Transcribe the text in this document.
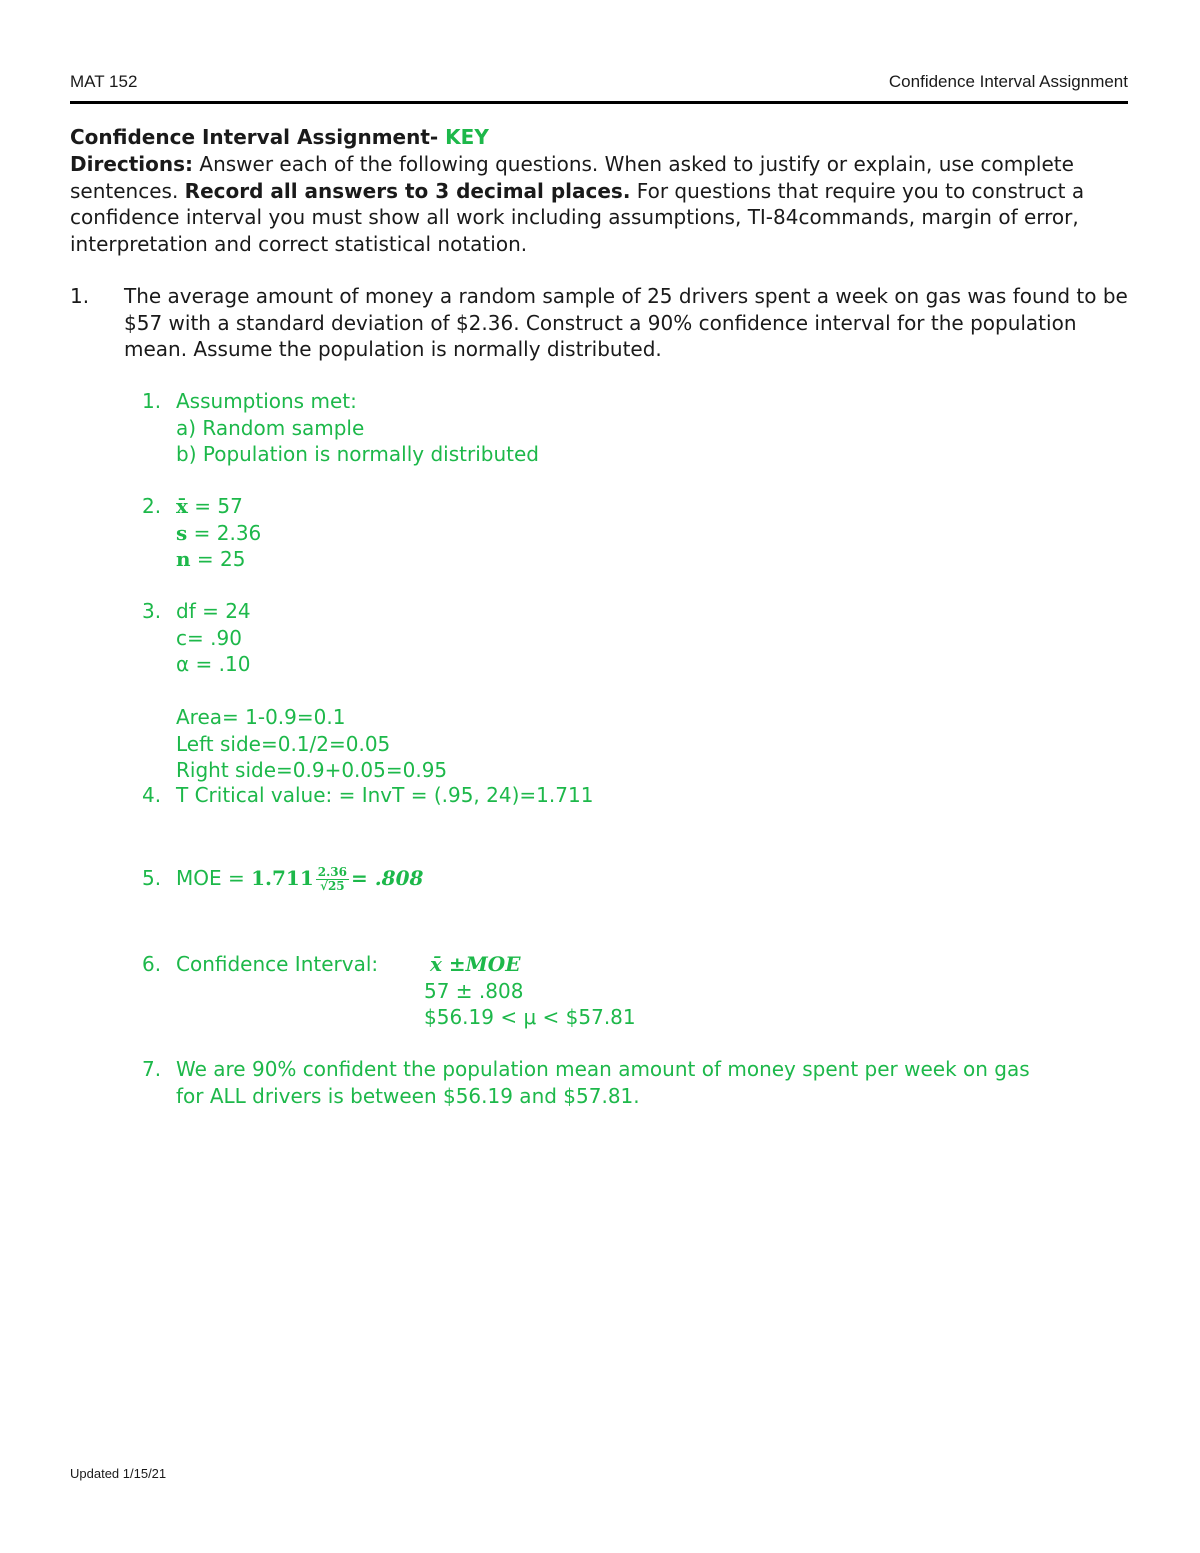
MAT 152	Confidence Interval Assignment
Confidence Interval Assignment- KEY
Directions: Answer each of the following questions. When asked to justify or explain, use complete sentences. Record all answers to 3 decimal places. For questions that require you to construct a confidence interval you must show all work including assumptions, TI-84commands, margin of error, interpretation and correct statistical notation.
1. The average amount of money a random sample of 25 drivers spent a week on gas was found to be $57 with a standard deviation of $2.36. Construct a 90% confidence interval for the population mean. Assume the population is normally distributed.
1. Assumptions met:
a) Random sample
b) Population is normally distributed
2. x̄ = 57
s = 2.36
n = 25
3. df = 24
c= .90
α = .10
Area= 1-0.9=0.1
Left side=0.1/2=0.05
Right side=0.9+0.05=0.95
4. T Critical value: = InvT = (.95, 24)=1.711
5. MOE = $1.711 \frac{2.36}{√25} = .808$
6. Confidence Interval:	x̄ ±MOE
57 ± .808
$56.19 < μ < $57.81
7. We are 90% confident the population mean amount of money spent per week on gas
for ALL drivers is between $56.19 and $57.81.
Updated 1/15/21
